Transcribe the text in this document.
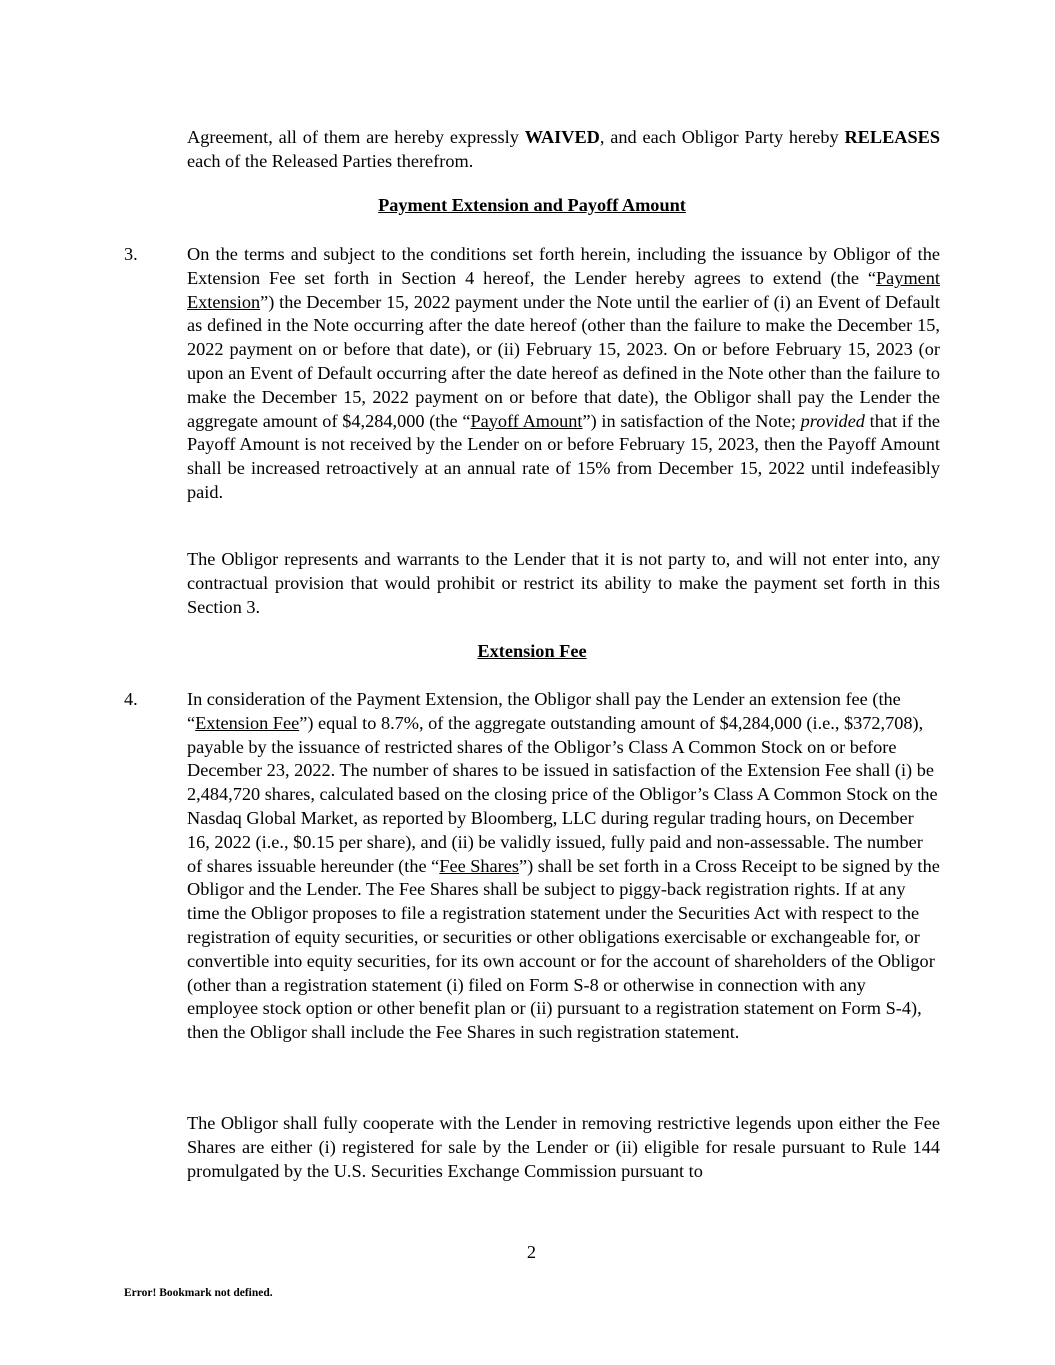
Agreement, all of them are hereby expressly WAIVED, and each Obligor Party hereby RELEASES each of the Released Parties therefrom.

Payment Extension and Payoff Amount

3.	On the terms and subject to the conditions set forth herein, including the issuance by Obligor of the Extension Fee set forth in Section 4 hereof, the Lender hereby agrees to extend (the “Payment Extension”) the December 15, 2022 payment under the Note until the earlier of (i) an Event of Default as defined in the Note occurring after the date hereof (other than the failure to make the December 15, 2022 payment on or before that date), or (ii) February 15, 2023. On or before February 15, 2023 (or upon an Event of Default occurring after the date hereof as defined in the Note other than the failure to make the December 15, 2022 payment on or before that date), the Obligor shall pay the Lender the aggregate amount of $4,284,000 (the “Payoff Amount”) in satisfaction of the Note; provided that if the Payoff Amount is not received by the Lender on or before February 15, 2023, then the Payoff Amount shall be increased retroactively at an annual rate of 15% from December 15, 2022 until indefeasibly paid.

The Obligor represents and warrants to the Lender that it is not party to, and will not enter into, any contractual provision that would prohibit or restrict its ability to make the payment set forth in this Section 3.

Extension Fee

4.	In consideration of the Payment Extension, the Obligor shall pay the Lender an extension fee (the “Extension Fee”) equal to 8.7%, of the aggregate outstanding amount of $4,284,000 (i.e., $372,708), payable by the issuance of restricted shares of the Obligor’s Class A Common Stock on or before December 23, 2022. The number of shares to be issued in satisfaction of the Extension Fee shall (i) be 2,484,720 shares, calculated based on the closing price of the Obligor’s Class A Common Stock on the Nasdaq Global Market, as reported by Bloomberg, LLC during regular trading hours, on December 16, 2022 (i.e., $0.15 per share), and (ii) be validly issued, fully paid and non-assessable. The number of shares issuable hereunder (the “Fee Shares”) shall be set forth in a Cross Receipt to be signed by the Obligor and the Lender. The Fee Shares shall be subject to piggy-back registration rights. If at any time the Obligor proposes to file a registration statement under the Securities Act with respect to the registration of equity securities, or securities or other obligations exercisable or exchangeable for, or convertible into equity securities, for its own account or for the account of shareholders of the Obligor (other than a registration statement (i) filed on Form S-8 or otherwise in connection with any employee stock option or other benefit plan or (ii) pursuant to a registration statement on Form S-4), then the Obligor shall include the Fee Shares in such registration statement.

The Obligor shall fully cooperate with the Lender in removing restrictive legends upon either the Fee Shares are either (i) registered for sale by the Lender or (ii) eligible for resale pursuant to Rule 144 promulgated by the U.S. Securities Exchange Commission pursuant to

2
Error! Bookmark not defined.
